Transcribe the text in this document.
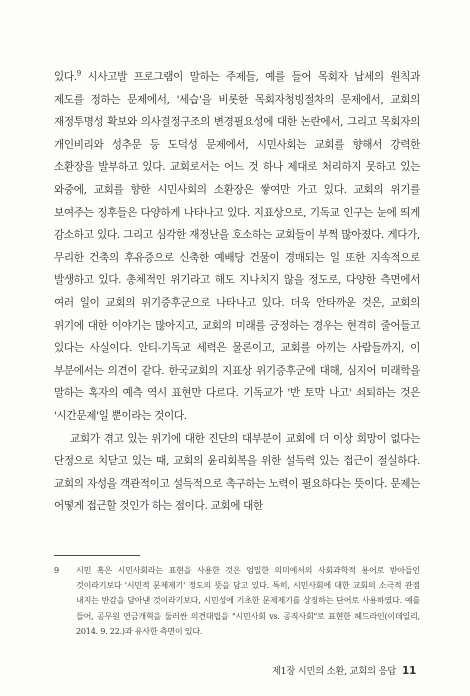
있다.$^9$ 시사고발 프로그램이 말하는 주제들, 예를 들어 목회자 납세의 원칙과 제도를 정하는 문제에서, '세습'을 비롯한 목회자청빙절차의 문제에서, 교회의 재정투명성 확보와 의사결정구조의 변경필요성에 대한 논란에서, 그리고 목회자의 개인비리와 성추문 등 도덕성 문제에서, 시민사회는 교회를 향해서 강력한 소환장을 발부하고 있다. 교회로서는 어느 것 하나 제대로 처리하지 못하고 있는 와중에, 교회를 향한 시민사회의 소환장은 쌓여만 가고 있다. 교회의 위기를 보여주는 징후들은 다양하게 나타나고 있다. 지표상으로, 기독교 인구는 눈에 띄게 감소하고 있다. 그리고 심각한 재정난을 호소하는 교회들이 부쩍 많아졌다. 게다가, 무리한 건축의 후유증으로 신축한 예배당 건물이 경매되는 일 또한 지속적으로 발생하고 있다. 총체적인 위기라고 해도 지나치지 않을 정도로, 다양한 측면에서 여러 일이 교회의 위기증후군으로 나타나고 있다. 더욱 안타까운 것은, 교회의 위기에 대한 이야기는 많아지고, 교회의 미래를 긍정하는 경우는 현격히 줄어들고 있다는 사실이다. 안티-기독교 세력은 물론이고, 교회를 아끼는 사람들까지, 이 부분에서는 의견이 같다. 한국교회의 지표상 위기증후군에 대해, 심지어 미래학을 말하는 혹자의 예측 역시 표현만 다르다. 기독교가 '반 토막 나고' 쇠퇴하는 것은 '시간문제'일 뿐이라는 것이다.

교회가 겪고 있는 위기에 대한 진단의 대부분이 교회에 더 이상 희망이 없다는 단정으로 치닫고 있는 때, 교회의 윤리회복을 위한 설득력 있는 접근이 절실하다. 교회의 자성을 객관적이고 설득적으로 촉구하는 노력이 필요하다는 뜻이다. 문제는 어떻게 접근할 것인가 하는 점이다. 교회에 대한

9	시민 혹은 시민사회라는 표현을 사용한 것은 엄밀한 의미에서의 사회과학적 용어로 받아들인 것이라기보다 '시민적 문제제기' 정도의 뜻을 담고 있다. 특히, 시민사회에 대한 교회의 소극적 관점 내지는 반감을 담아낸 것이라기보다, 시민성에 기초한 문제제기를 상징하는 단어로 사용하였다. 예를 들어, 공무원 연금개혁을 둘러싼 의견대립을 "시민사회 vs. 공직사회"로 표현한 헤드라인(이데일리, 2014. 9. 22.)과 유사한 측면이 있다.
제1장 시민의 소환, 교회의 응답 11
